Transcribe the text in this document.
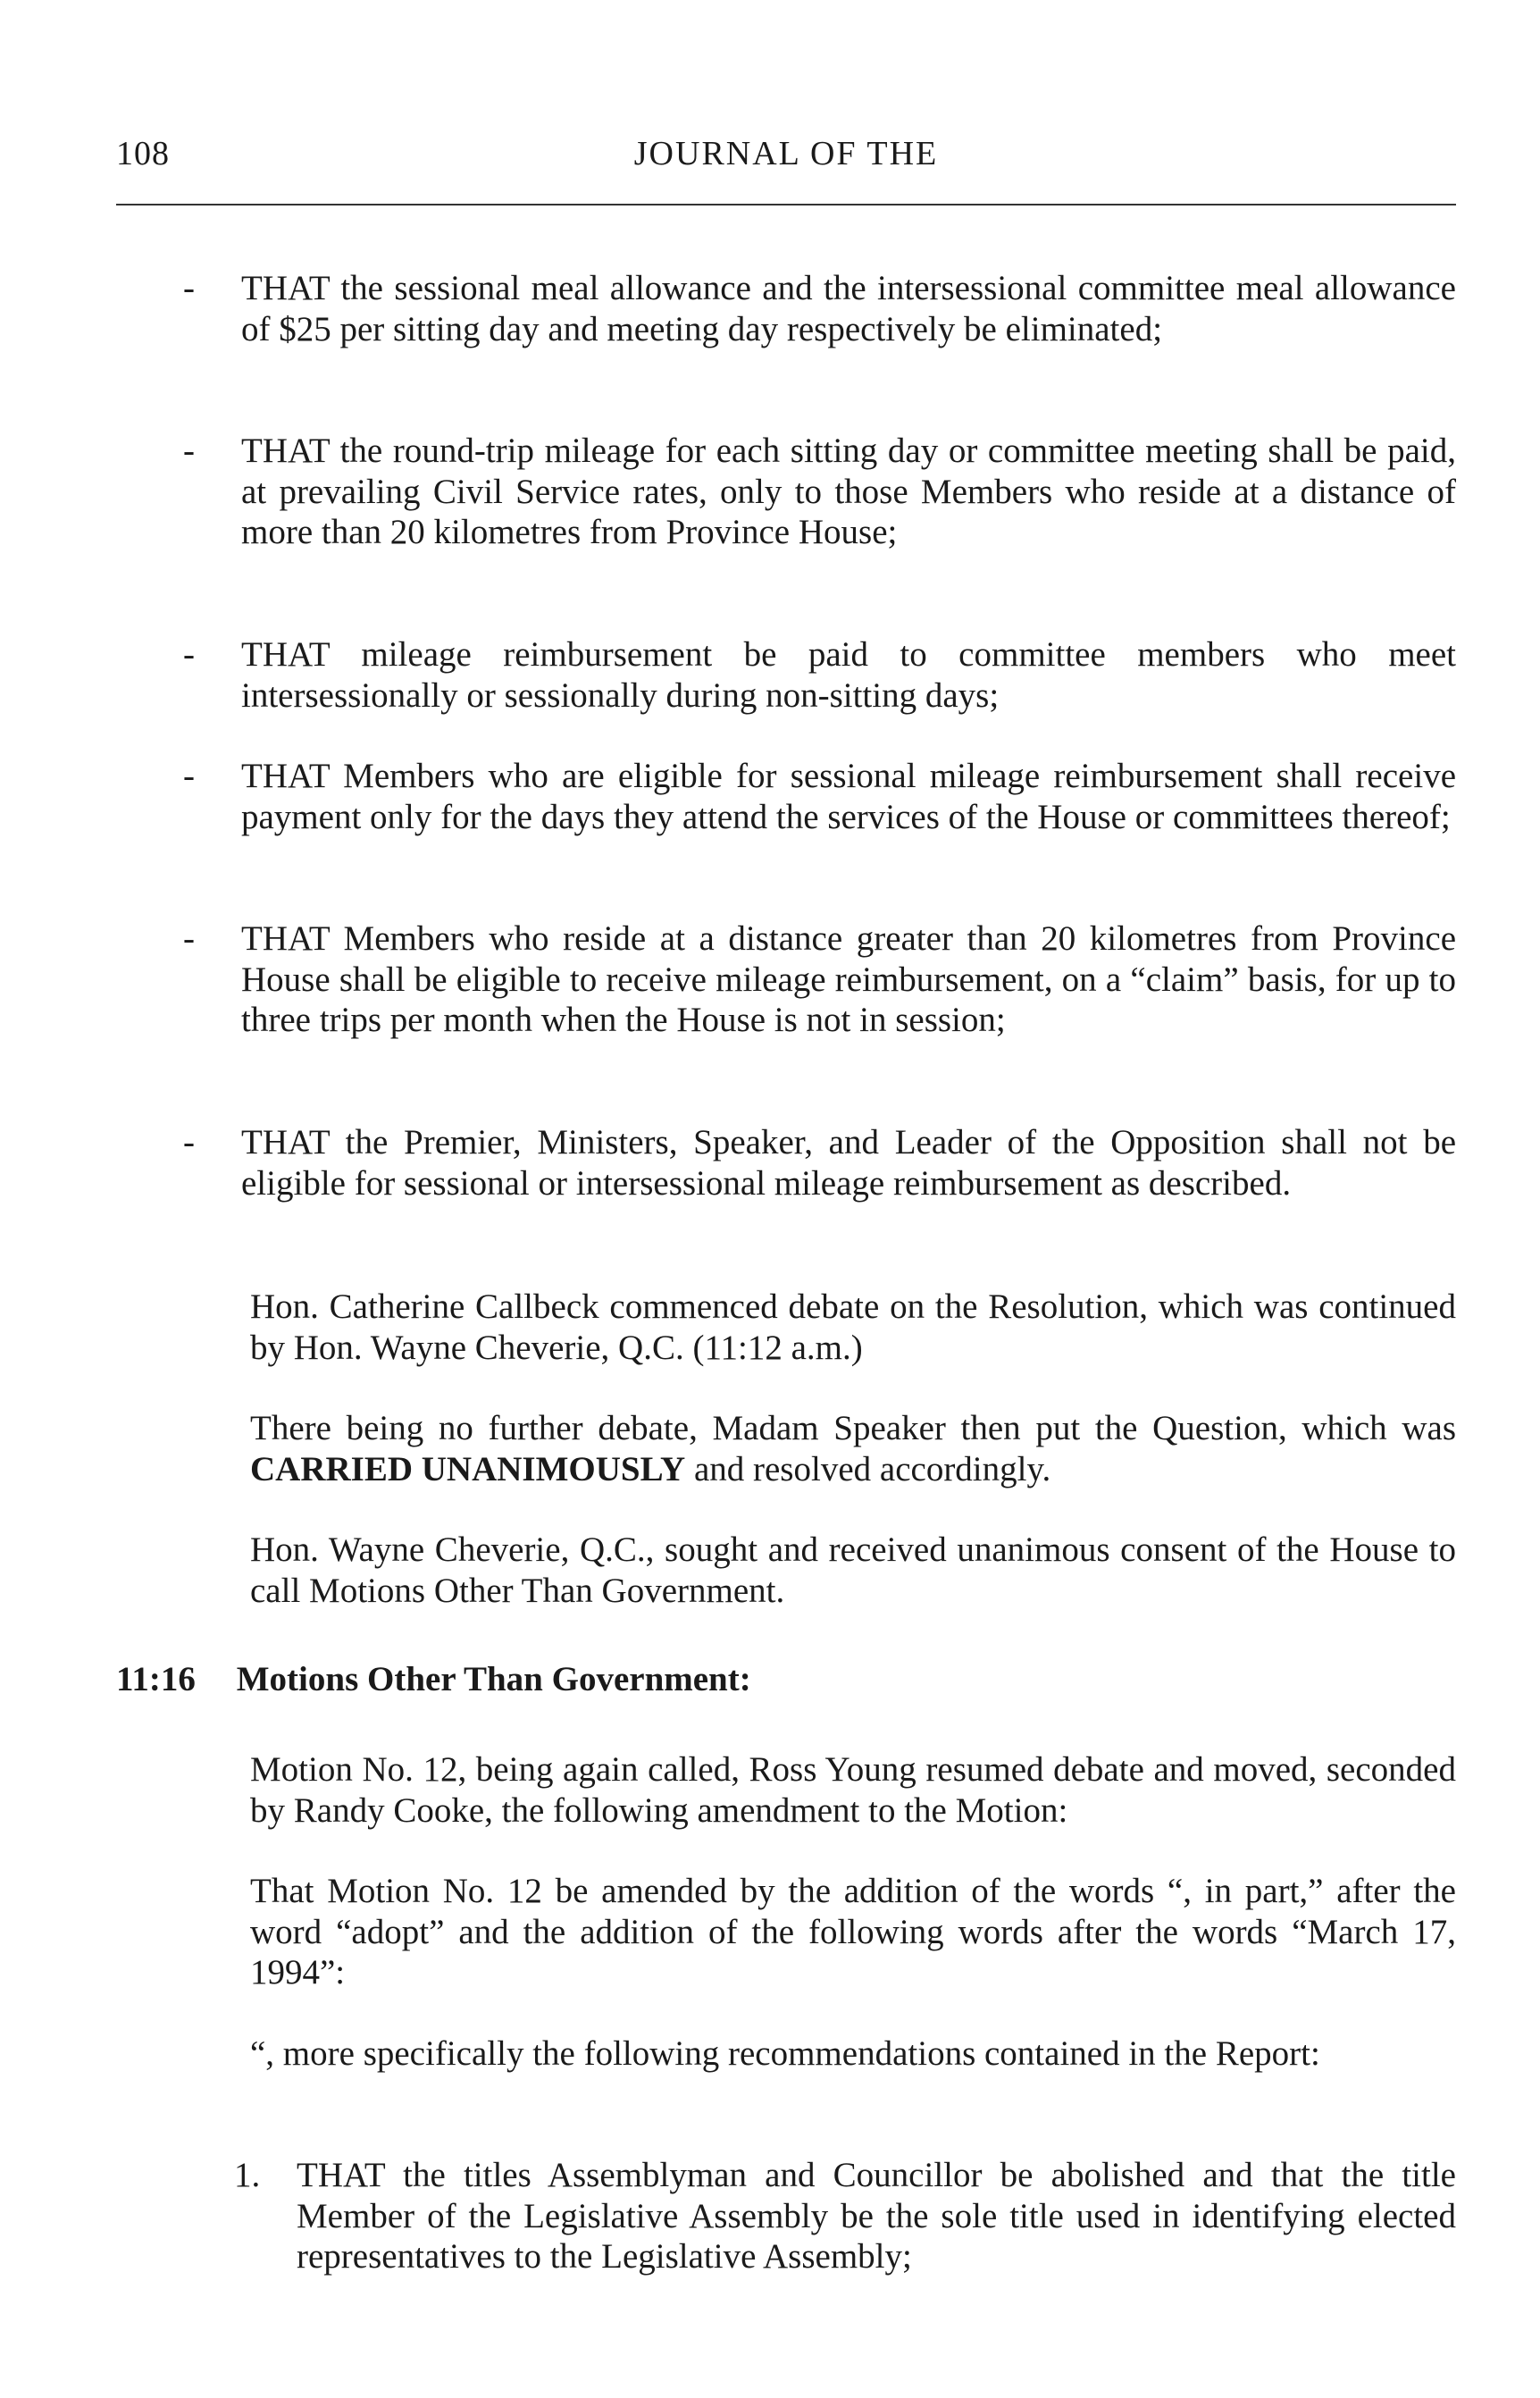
108	JOURNAL OF THE
- THAT the sessional meal allowance and the intersessional committee meal allowance of $25 per sitting day and meeting day respectively be eliminated;
- THAT the round-trip mileage for each sitting day or committee meeting shall be paid, at prevailing Civil Service rates, only to those Members who reside at a distance of more than 20 kilometres from Province House;
- THAT mileage reimbursement be paid to committee members who meet intersessionally or sessionally during non-sitting days;
- THAT Members who are eligible for sessional mileage reimbursement shall receive payment only for the days they attend the services of the House or committees thereof;
- THAT Members who reside at a distance greater than 20 kilometres from Province House shall be eligible to receive mileage reimbursement, on a “claim” basis, for up to three trips per month when the House is not in session;
- THAT the Premier, Ministers, Speaker, and Leader of the Opposition shall not be eligible for sessional or intersessional mileage reimbursement as described.
Hon. Catherine Callbeck commenced debate on the Resolution, which was continued by Hon. Wayne Cheverie, Q.C. (11:12 a.m.)
There being no further debate, Madam Speaker then put the Question, which was CARRIED UNANIMOUSLY and resolved accordingly.
Hon. Wayne Cheverie, Q.C., sought and received unanimous consent of the House to call Motions Other Than Government.
11:16 Motions Other Than Government:
Motion No. 12, being again called, Ross Young resumed debate and moved, seconded by Randy Cooke, the following amendment to the Motion:
That Motion No. 12 be amended by the addition of the words “, in part,” after the word “adopt” and the addition of the following words after the words “March 17, 1994”:
“, more specifically the following recommendations contained in the Report:
1. THAT the titles Assemblyman and Councillor be abolished and that the title Member of the Legislative Assembly be the sole title used in identifying elected representatives to the Legislative Assembly;
